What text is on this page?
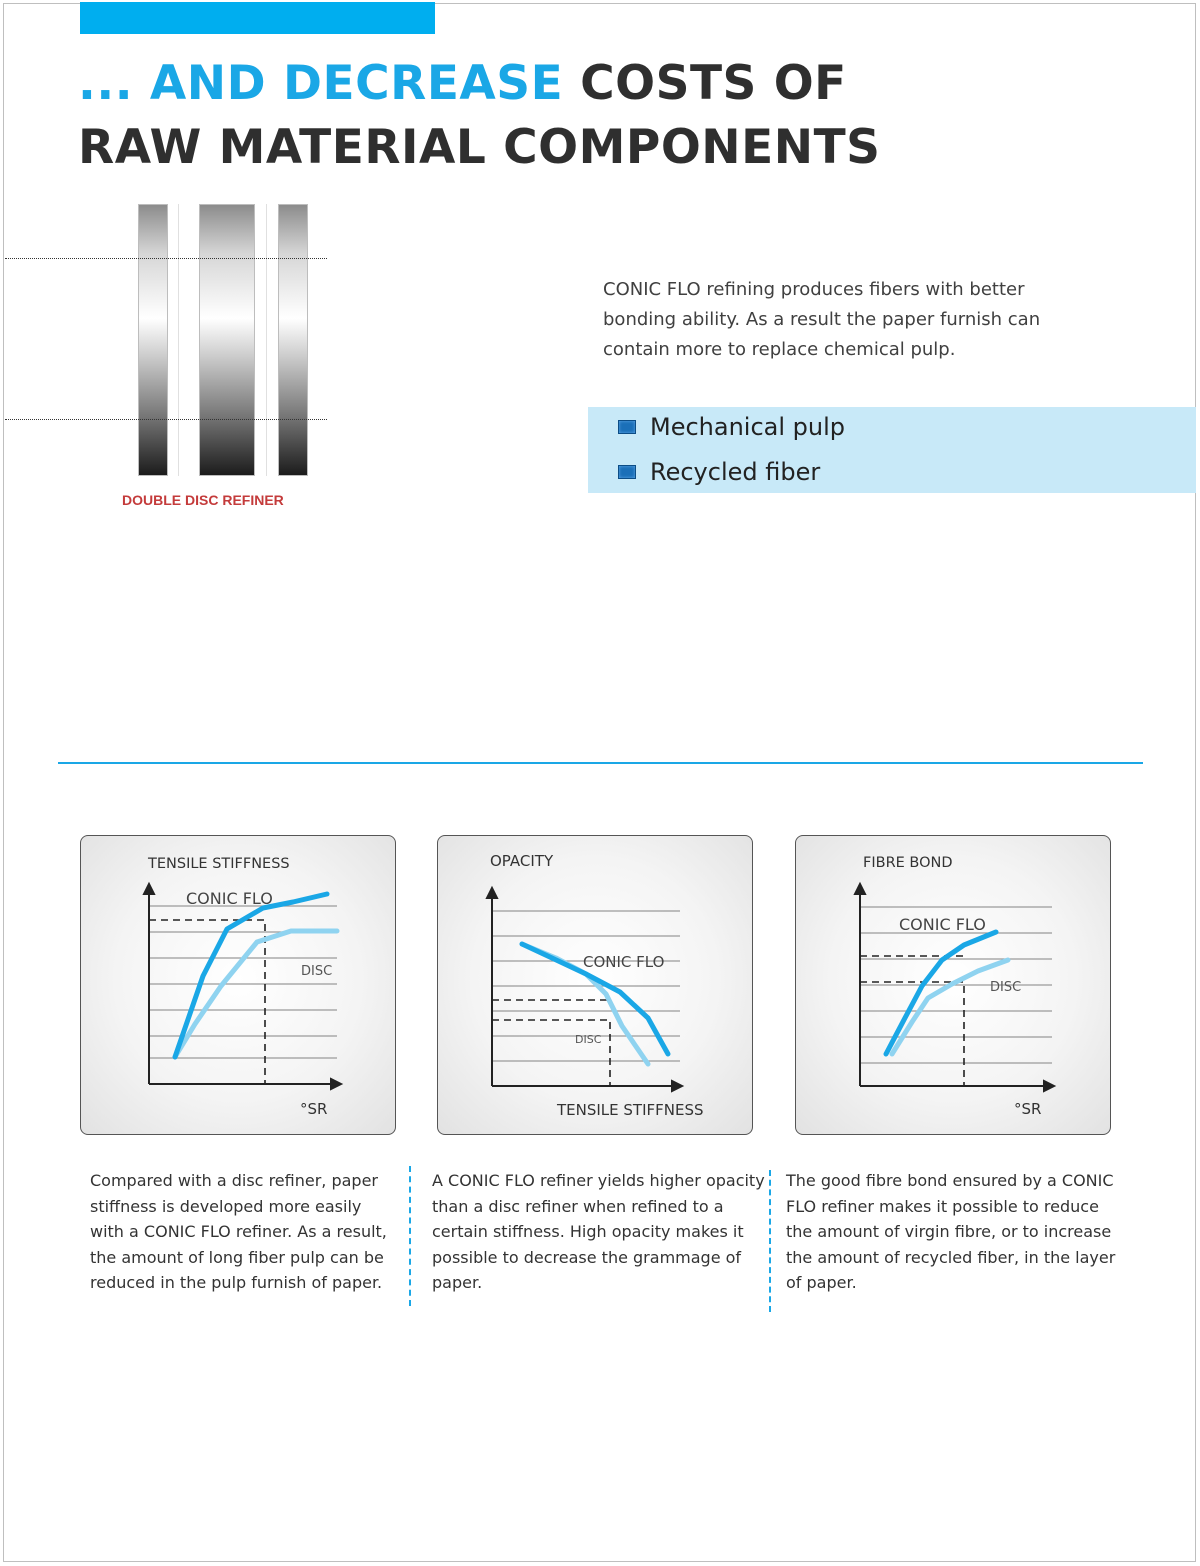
... AND DECREASE COSTS OF
RAW MATERIAL COMPONENTS
DOUBLE DISC REFINER

CONIC FLO refining produces fibers with better bonding ability. As a result the paper furnish can contain more to replace chemical pulp.

Mechanical pulp
Recycled fiber
TENSILE STIFFNESS
CONIC FLO
DISC
°SR
OPACITY
CONIC FLO
DISC
TENSILE STIFFNESS
FIBRE BOND
CONIC FLO
DISC
°SR

Compared with a disc refiner, paper stiffness is developed more easily with a CONIC FLO refiner. As a result, the amount of long fiber pulp can be reduced in the pulp furnish of paper.

A CONIC FLO refiner yields higher opacity than a disc refiner when refined to a certain stiffness. High opacity makes it possible to decrease the grammage of paper.

The good fibre bond ensured by a CONIC FLO refiner makes it possible to reduce the amount of virgin fibre, or to increase the amount of recycled fiber, in the layer of paper.
